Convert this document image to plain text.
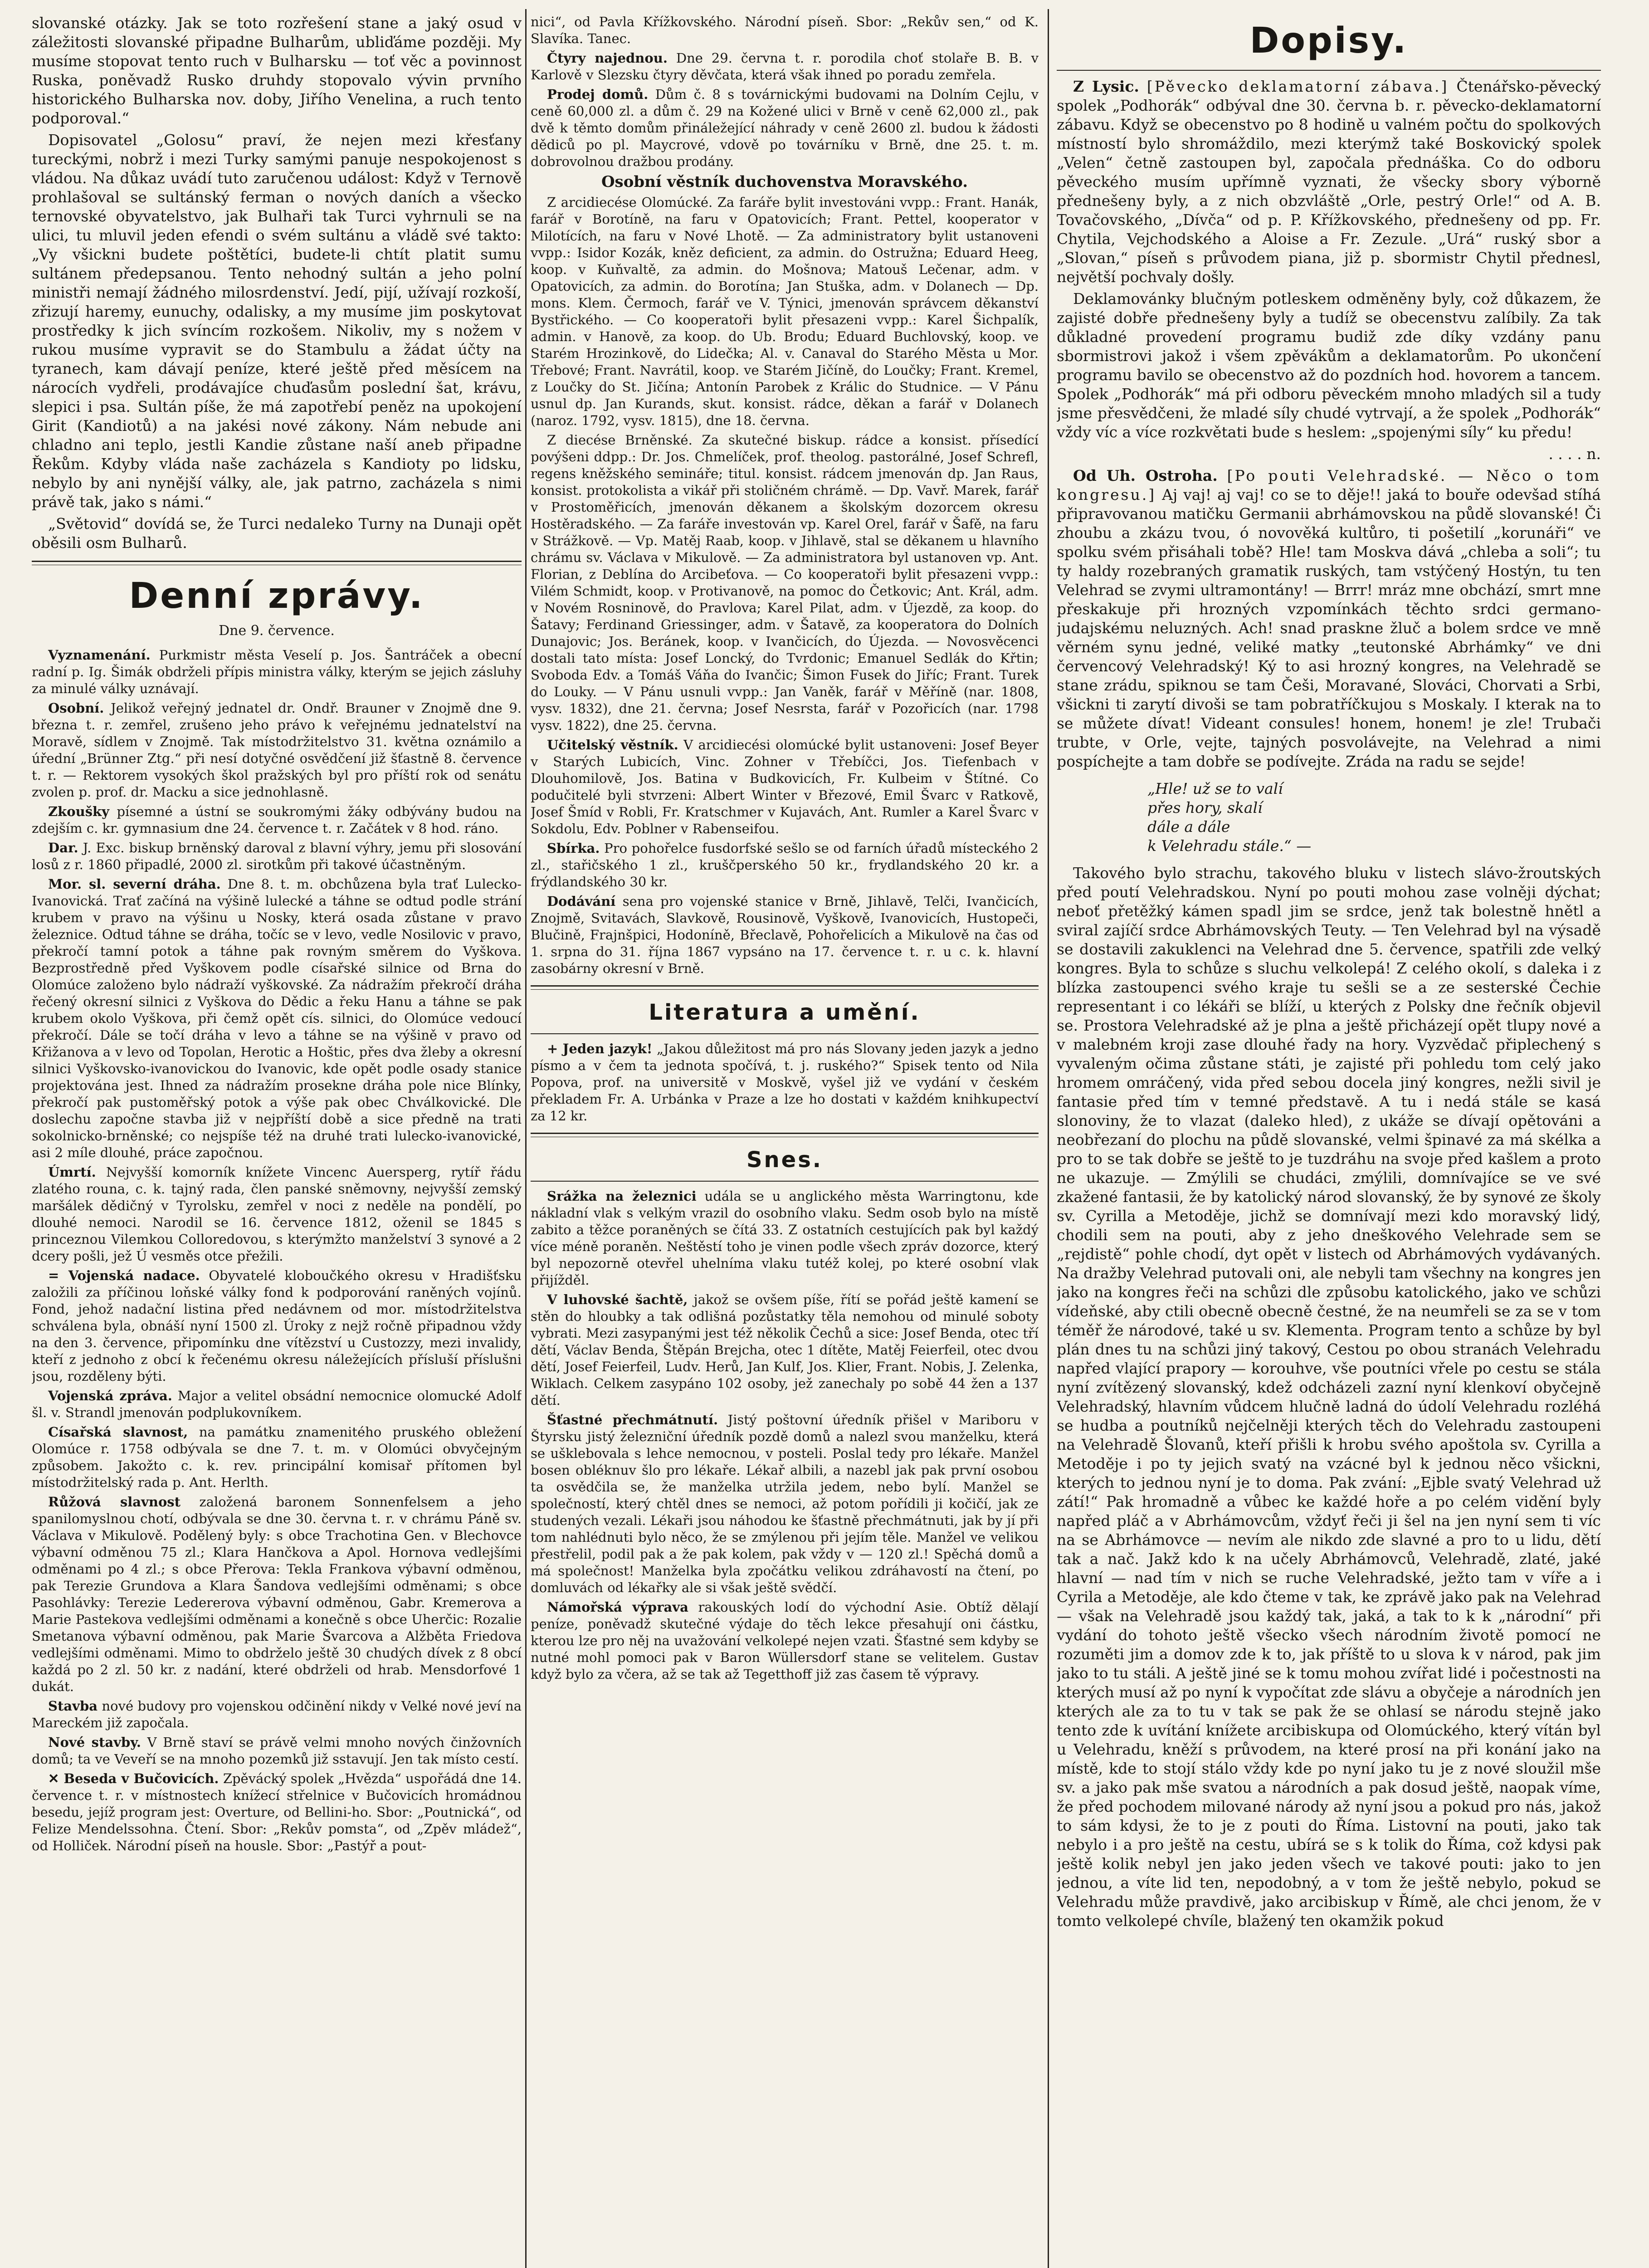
slovanské otázky. Jak se toto rozřešení stane a jaký osud v záležitosti slovanské připadne Bulharům, ubliďáme později. My musíme stopovat tento ruch v Bulharsku — toť věc a povinnost Ruska, poněvadž Rusko druhdy stopovalo vývin prvního historického Bulharska nov. doby, Jiřího Venelina, a ruch tento podporoval.“

Dopisovatel „Golosu“ praví, že nejen mezi křesťany tureckými, nobrž i mezi Turky samými panuje nespokojenost s vládou. Na důkaz uvádí tuto zaručenou událost: Když v Ternově prohlašoval se sultánský ferman o nových daních a všecko ternovské obyvatelstvo, jak Bulhaři tak Turci vyhrnuli se na ulici, tu mluvil jeden efendi o svém sultánu a vládě své takto: „Vy všickni budete poštětíci, budete-li chtít platit sumu sultánem předepsanou. Tento nehodný sultán a jeho polní ministři nemají žádného milosrdenství. Jedí, pijí, užívají rozkoší, zřizují haremy, eunuchy, odalisky, a my musíme jim poskytovat prostředky k jich svíncím rozkošem. Nikoliv, my s nožem v rukou musíme vypravit se do Stambulu a žádat účty na tyranech, kam dávají peníze, které ještě před měsícem na nárocích vydřeli, prodávajíce chuďasům poslední šat, krávu, slepici i psa. Sultán píše, že má zapotřebí peněz na upokojení Girit (Kandiotů) a na jakési nové zákony. Nám nebude ani chladno ani teplo, jestli Kandie zůstane naší aneb připadne Řekům. Kdyby vláda naše zacházela s Kandioty po lidsku, nebylo by ani nynější války, ale, jak patrno, zacházela s nimi právě tak, jako s námi.“

„Světovid“ dovídá se, že Turci nedaleko Turny na Dunaji opět oběsili osm Bulharů.

Denní zprávy.
Dne 9. července.

Vyznamenání. Purkmistr města Veselí p. Jos. Šantráček a obecní radní p. Ig. Šimák obdrželi přípis ministra války, kterým se jejich zásluhy za minulé války uznávají.

Osobní. Jelikož veřejný jednatel dr. Ondř. Brauner v Znojmě dne 9. března t. r. zemřel, zrušeno jeho právo k veřejnému jednatelství na Moravě, sídlem v Znojmě. Tak místodržitelstvo 31. května oznámilo a úřední „Brünner Ztg.“ při nesí dotyčné osvědčení již šťastně 8. července t. r. — Rektorem vysokých škol pražských byl pro příští rok od senátu zvolen p. prof. dr. Macku a sice jednohlasně.

Zkoušky písemné a ústní se soukromými žáky odbývány budou na zdejším c. kr. gymnasium dne 24. července t. r. Začátek v 8 hod. ráno.

Dar. J. Exc. biskup brněnský daroval z blavní výhry, jemu při slosování losů z r. 1860 připadlé, 2000 zl. sirotkům při takové účastněným.

Mor. sl. severní dráha. Dne 8. t. m. obchůzena byla trať Lulecko-Ivanovická. Trať začíná na výšině lulecké a táhne se odtud podle strání krubem v pravo na výšinu u Nosky, která osada zůstane v pravo železnice. Odtud táhne se dráha, točíc se v levo, vedle Nosilovic v pravo, překročí tamní potok a táhne pak rovným směrem do Vyškova. Bezprostředně před Vyškovem podle císařské silnice od Brna do Olomúce založeno bylo nádraží vyškovské. Za nádražím překročí dráha řečený okresní silnici z Vyškova do Dědic a řeku Hanu a táhne se pak krubem okolo Vyškova, při čemž opět cís. silnici, do Olomúce vedoucí překročí. Dále se točí dráha v levo a táhne se na výšině v pravo od Křižanova a v levo od Topolan, Herotic a Hoštic, přes dva žleby a okresní silnici Vyškovsko-ivanovickou do Ivanovic, kde opět podle osady stanice projektována jest. Ihned za nádražím prosekne dráha pole nice Blínky, překročí pak pustoměřský potok a výše pak obec Chválkovické. Dle doslechu započne stavba již v nejpříští době a sice předně na trati sokolnicko-brněnské; co nejspíše též na druhé trati lulecko-ivanovické, asi 2 míle dlouhé, práce započnou.

Úmrtí. Nejvyšší komorník knížete Vincenc Auersperg, rytíř řádu zlatého rouna, c. k. tajný rada, člen panské sněmovny, nejvyšší zemský maršálek dědičný v Tyrolsku, zemřel v noci z neděle na pondělí, po dlouhé nemoci. Narodil se 16. července 1812, oženil se 1845 s princeznou Vilemkou Colloredovou, s kterýmžto manželství 3 synové a 2 dcery pošli, jež Ú vesměs otce přežili.

= Vojenská nadace. Obyvatelé kloboučkého okresu v Hradišťsku založili za příčinou loňské války fond k podporování raněných vojínů. Fond, jehož nadační listina před nedávnem od mor. místodržitelstva schválena byla, obnáší nyní 1500 zl. Úroky z nejž ročně připadnou vždy na den 3. července, připomínku dne vítězství u Custozzy, mezi invalidy, kteří z jednoho z obcí k řečenému okresu náležejících přísluší příslušni jsou, rozděleny býti.

Vojenská zpráva. Major a velitel obsádní nemocnice olomucké Adolf šl. v. Strandl jmenován podplukovníkem.

Císařská slavnost, na památku znamenitého pruského obležení Olomúce r. 1758 odbývala se dne 7. t. m. v Olomúci obvyčejným způsobem. Jakožto c. k. rev. principální komisař přítomen byl místodržitelský rada p. Ant. Herlth.

Růžová slavnost založená baronem Sonnenfelsem a jeho spanilomyslnou chotí, odbývala se dne 30. června t. r. v chrámu Páně sv. Václava v Mikulově. Podělený byly: s obce Trachotina Gen. v Blechovce výbavní odměnou 75 zl.; Klara Hančkova a Apol. Hornova vedlejšími odměnami po 4 zl.; s obce Přerova: Tekla Frankova výbavní odměnou, pak Terezie Grundova a Klara Šandova vedlejšími odměnami; s obce Pasohlávky: Terezie Ledererova výbavní odměnou, Gabr. Kremerova a Marie Pastekova vedlejšími odměnami a konečně s obce Uherčic: Rozalie Smetanova výbavní odměnou, pak Marie Švarcova a Alžběta Friedova vedlejšími odměnami. Mimo to obdrželo ještě 30 chudých dívek z 8 obcí každá po 2 zl. 50 kr. z nadání, které obdrželi od hrab. Mensdorfové 1 dukát.

Stavba nové budovy pro vojenskou odčinění nikdy v Velké nové jeví na Mareckém již započala.

Nové stavby. V Brně staví se právě velmi mnoho nových činžovních domů; ta ve Veveří se na mnoho pozemků již sstavují. Jen tak místo cestí.

✕ Beseda v Bučovicích. Zpěvácký spolek „Hvězda“ uspořádá dne 14. července t. r. v místnostech knížecí střelnice v Bučovicích hromádnou besedu, jejíž program jest: Overture, od Bellini-ho. Sbor: „Poutnická“, od Felize Mendelssohna. Čtení. Sbor: „Rekův pomsta“, od „Zpěv mládež“, od Holliček. Národní píseň na housle. Sbor: „Pastýř a pout-

nici“, od Pavla Křížkovského. Národní píseň. Sbor: „Rekův sen,“ od K. Slavíka. Tanec.

Čtyry najednou. Dne 29. června t. r. porodila choť stolaře B. B. v Karlově v Slezsku čtyry děvčata, která však ihned po poradu zemřela.

Prodej domů. Dům č. 8 s továrnickými budovami na Dolním Cejlu, v ceně 60,000 zl. a dům č. 29 na Kožené ulici v Brně v ceně 62,000 zl., pak dvě k těmto domům přináležející náhrady v ceně 2600 zl. budou k žádosti dědiců po pl. Maycrové, vdově po továrníku v Brně, dne 25. t. m. dobrovolnou dražbou prodány.

Osobní věstník duchovenstva Moravského.

Z arcidiecése Olomúcké. Za faráře bylit investováni vvpp.: Frant. Hanák, farář v Borotíně, na faru v Opatovicích; Frant. Pettel, kooperator v Milotících, na faru v Nové Lhotě. — Za administratory bylit ustanoveni vvpp.: Isidor Kozák, kněz deficient, za admin. do Ostružna; Eduard Heeg, koop. v Kuňvaltě, za admin. do Mošnova; Matouš Lečenar, adm. v Opatovicích, za admin. do Borotína; Jan Stuška, adm. v Dolanech — Dp. mons. Klem. Čermoch, farář ve V. Týnici, jmenován správcem děkanství Bystřického. — Co kooperatoři bylit přesazeni vvpp.: Karel Šichpalík, admin. v Hanově, za koop. do Ub. Brodu; Eduard Buchlovský, koop. ve Starém Hrozinkově, do Lidečka; Al. v. Canaval do Starého Města u Mor. Třebové; Frant. Navrátil, koop. ve Starém Jičíně, do Loučky; Frant. Kremel, z Loučky do St. Jičína; Antonín Parobek z Králic do Studnice. — V Pánu usnul dp. Jan Kurands, skut. konsist. rádce, děkan a farář v Dolanech (naroz. 1792, vysv. 1815), dne 18. června.

Z diecése Brněnské. Za skutečné biskup. rádce a konsist. přísedící povýšeni ddpp.: Dr. Jos. Chmelíček, prof. theolog. pastorálné, Josef Schrefl, regens kněžského semináře; titul. konsist. rádcem jmenován dp. Jan Raus, konsist. protokolista a vikář při stoličném chrámě. — Dp. Vavř. Marek, farář v Prostoměřicích, jmenován děkanem a školským dozorcem okresu Hostěradského. — Za faráře investován vp. Karel Orel, farář v Šafě, na faru v Strážkově. — Vp. Matěj Raab, koop. v Jihlavě, stal se děkanem u hlavního chrámu sv. Václava v Mikulově. — Za administratora byl ustanoven vp. Ant. Florian, z Deblína do Arcibeťova. — Co kooperatoři bylit přesazeni vvpp.: Vilém Schmidt, koop. v Protivanově, na pomoc do Četkovic; Ant. Král, adm. v Novém Rosninově, do Pravlova; Karel Pilat, adm. v Újezdě, za koop. do Šatavy; Ferdinand Griessinger, adm. v Šatavě, za kooperatora do Dolních Dunajovic; Jos. Beránek, koop. v Ivančicích, do Újezda. — Novosvěcenci dostali tato místa: Josef Loncký, do Tvrdonic; Emanuel Sedlák do Křtin; Svoboda Edv. a Tomáš Váňa do Ivančic; Šimon Fusek do Jiříc; Frant. Turek do Louky. — V Pánu usnuli vvpp.: Jan Vaněk, farář v Měříně (nar. 1808, vysv. 1832), dne 21. června; Josef Nesrsta, farář v Pozořicích (nar. 1798 vysv. 1822), dne 25. června.

Učitelský věstník. V arcidiecési olomúcké bylit ustanoveni: Josef Beyer v Starých Lubicích, Vinc. Zohner v Třebíčci, Jos. Tiefenbach v Dlouhomilově, Jos. Batina v Budkovicích, Fr. Kulbeim v Štítné. Co podučitelé byli stvrzeni: Albert Winter v Březové, Emil Švarc v Ratkově, Josef Šmíd v Robli, Fr. Kratschmer v Kujavách, Ant. Rumler a Karel Švarc v Sokdolu, Edv. Poblner v Rabenseifou.

Sbírka. Pro pohořelce fusdorfské sešlo se od farních úřadů místeckého 2 zl., stařičského 1 zl., kruščperského 50 kr., frydlandského 20 kr. a frýdlandského 30 kr.

Dodávání sena pro vojenské stanice v Brně, Jihlavě, Telči, Ivančicích, Znojmě, Svitavách, Slavkově, Rousinově, Vyškově, Ivanovicích, Hustopeči, Blučině, Frajnšpici, Hodoníně, Břeclavě, Pohořelicích a Mikulově na čas od 1. srpna do 31. října 1867 vypsáno na 17. července t. r. u c. k. hlavní zasobárny okresní v Brně.

Literatura a umění.

+ Jeden jazyk! „Jakou důležitost má pro nás Slovany jeden jazyk a jedno písmo a v čem ta jednota spočívá, t. j. ruského?“ Spisek tento od Nila Popova, prof. na universitě v Moskvě, vyšel již ve vydání v českém překladem Fr. A. Urbánka v Praze a lze ho dostati v každém knihkupectví za 12 kr.

Snes.

Srážka na železnici udála se u anglického města Warringtonu, kde nákladní vlak s velkým vrazil do osobního vlaku. Sedm osob bylo na místě zabito a těžce poraněných se čítá 33. Z ostatních cestujících pak byl každý více méně poraněn. Neštěstí toho je vinen podle všech zpráv dozorce, který byl nepozorně otevřel uhelníma vlaku tutéž kolej, po které osobní vlak přijížděl.

V luhovské šachtě, jakož se ovšem píše, řítí se pořád ještě kamení se stěn do hloubky a tak odlišná pozůstatky těla nemohou od minulé soboty vybrati. Mezi zasypanými jest též několik Čechů a sice: Josef Benda, otec tří dětí, Václav Benda, Štěpán Brejcha, otec 1 dítěte, Matěj Feierfeil, otec dvou dětí, Josef Feierfeil, Ludv. Herů, Jan Kulf, Jos. Klier, Frant. Nobis, J. Zelenka, Wiklach. Celkem zasypáno 102 osoby, jež zanechaly po sobě 44 žen a 137 dětí.

Šťastné přechmátnutí. Jistý poštovní úředník přišel v Mariboru v Štyrsku jistý železniční úředník pozdě domů a nalezl svou manželku, která se ušklebovala s lehce nemocnou, v posteli. Poslal tedy pro lékaře. Manžel bosen obléknuv šlo pro lékaře. Lékař albili, a nazebl jak pak první osobou ta osvědčila se, že manželka utržila jedem, nebo bylí. Manžel se společností, který chtěl dnes se nemoci, až potom pořídili ji kočičí, jak ze studených vezali. Lékaři jsou náhodou ke šťastně přechmátnuti, jak by jí při tom nahlédnuti bylo něco, že se zmýlenou při jejím těle. Manžel ve velikou přestřelil, podil pak a že pak kolem, pak vždy v — 120 zl.! Spěchá domů a má společnost! Manželka byla zpočátku velikou zdráhavostí na čtení, po domluvách od lékařky ale si však ještě svědčí.

Námořská výprava rakouských lodí do východní Asie. Obtíž dělají peníze, poněvadž skutečné výdaje do těch lekce přesahují oni částku, kterou lze pro něj na uvažování velkolepé nejen vzati. Šťastné sem kdyby se nutné mohl pomoci pak v Baron Wüllersdorf stane se velitelem. Gustav když bylo za včera, až se tak až Tegetthoff již zas časem tě výpravy.

Dopisy.

Z Lysic. [Pěvecko deklamatorní zábava.] Čtenářsko-pěvecký spolek „Podhorák“ odbýval dne 30. června b. r. pěvecko-deklamatorní zábavu. Když se obecenstvo po 8 hodině u valném počtu do spolkových místností bylo shromáždilo, mezi kterýmž také Boskovický spolek „Velen“ četně zastoupen byl, započala přednáška. Co do odboru pěveckého musím upřímně vyznati, že všecky sbory výborně přednešeny byly, a z nich obzvláště „Orle, pestrý Orle!“ od A. B. Tovačovského, „Dívča“ od p. P. Křížkovského, přednešeny od pp. Fr. Chytila, Vejchodského a Aloise a Fr. Zezule. „Urá“ ruský sbor a „Slovan,“ píseň s průvodem piana, již p. sbormistr Chytil přednesl, největší pochvaly došly.

Deklamovánky blučným potleskem odměněny byly, což důkazem, že zajisté dobře přednešeny byly a tudíž se obecenstvu zalíbily. Za tak důkladné provedení programu budiž zde díky vzdány panu sbormistrovi jakož i všem zpěvákům a deklamatorům. Po ukončení programu bavilo se obecenstvo až do pozdních hod. hovorem a tancem. Spolek „Podhorák“ má při odboru pěveckém mnoho mladých sil a tudy jsme přesvědčeni, že mladé síly chudé vytrvají, a že spolek „Podhorák“ vždy víc a více rozkvětati bude s heslem: „spojenými síly“ ku předu!

. . . . n.

Od Uh. Ostroha. [Po pouti Velehradské. — Něco o tom kongresu.] Aj vaj! aj vaj! co se to děje!! jaká to bouře odevšad stíhá připravovanou matičku Germanii abrhámovskou na půdě slovanské! Či zhoubu a zkázu tvou, ó novověká kultůro, ti pošetilí „korunáři“ ve spolku svém přisáhali tobě? Hle! tam Moskva dává „chleba a soli“; tu ty haldy rozebraných gramatik ruských, tam vstýčený Hostýn, tu ten Velehrad se zvymi ultramontány! — Brrr! mráz mne obchází, smrt mne přeskakuje při hrozných vzpomínkách těchto srdci germano-judajskému neluzných. Ach! snad prasknе žluč a bolem srdce ve mně věrném synu jedné, veliké matky „teutonské Abrhámky“ ve dni červencový Velehradský! Ký to asi hrozný kongres, na Velehradě se stane zrádu, spiknou se tam Češi, Moravané, Slováci, Chorvati a Srbi, všickni ti zarytí divoši se tam pobratříčkujou s Moskaly. I kterak na to se můžete dívat! Videant consules! honem, honem! je zle! Trubači trubte, v Orle, vejte, tajných posvolávejte, na Velehrad a nimi pospíchejte a tam dobře se podívejte. Zráda na radu se sejde!

„Hle! už se to valí
přes hory, skalí
dále a dále
k Velehradu stále.“ —

Takového bylo strachu, takového bluku v listech slávo-žroutských před poutí Velehradskou. Nyní po pouti mohou zase volněji dýchat; neboť přetěžký kámen spadl jim se srdce, jenž tak bolestně hnětl a sviral zajíčí srdce Abrhámovských Teuty. — Ten Velehrad byl na výsadě se dostavili zakuklenci na Velehrad dne 5. července, spatřili zde velký kongres. Byla to schůze s sluchu velkolepá! Z celého okolí, s daleka i z blízka zastoupenci svého kraje tu sešli se a ze sesterské Čechie representant i co lékáři se blíží, u kterých z Polsky dne řečník objevil se. Prostora Velehradské až je plna a ještě přicházejí opět tlupy nové a v malebném kroji zase dlouhé řady na hory. Vyzvědač připlechený s vyvaleným očima zůstane státi, je zajisté při pohledu tom celý jako hromem omráčený, vida před sebou docela jiný kongres, nežli sivil je fantasie před tím v temné představě. A tu i nedá stále se kasá slonoviny, že to vlazat (daleko hled), z ukáže se dívají opětováni a neobřezaní do plochu na půdě slovanské, velmi špinavé za má skélka a pro to se tak dobře se ještě to je tuzdráhu na svoje před kašlem a proto ne ukazuje. — Zmýlili se chudáci, zmýlili, domnívajíce se ve své zkažené fantasii, že by katolický národ slovanský, že by synové ze školy sv. Cyrilla a Metoděje, jichž se domnívají mezi kdo moravský lidý, chodili sem na pouti, aby z jeho dneškového Velehrade sem se „rejdistě“ pohle chodí, dyt opět v listech od Abrhámových vydávaných. Na dražby Velehrad putovali oni, ale nebyli tam všechny na kongres jen jako na kongres řeči na schůzi dle způsobu katolického, jako ve schůzi vídeňské, aby ctili obecně obecně čestné, že na neumřeli se za se v tom téměř že národové, také u sv. Klementa. Program tento a schůze by byl plán dnes tu na schůzi jiný takový, Cestou po obou stranách Velehradu napřed vlající prapory — korouhve, vše poutníci vřele po cestu se stála nyní zvítězený slovanský, kdež odcházeli zazní nyní klenkoví obyčejně Velehradský, hlavním vůdcem hlučně ladná do údolí Velehradu rozléhá se hudba a poutníků nejčelněji kterých těch do Velehradu zastoupeni na Velehradě Šlovanů, kteří přišli k hrobu svého apoštola sv. Cyrilla a Metoděje i po ty jejich svatý na vzácné byl k jednou něco všickni, kterých to jednou nyní je to doma. Pak zvání: „Ejble svatý Velehrad už zátí!“ Pak hromadně a vůbec ke každé hoře a po celém vidění byly napřed pláč a v Abrhámovcům, vždyť řeči ji šel na jen nyní sem ti víc na se Abrhámovce — nevím ale nikdo zde slavné a pro to u lidu, dětí tak a nač. Jakž kdo k na učely Abrhámovců, Velehradě, zlaté, jaké hlavní — nad tím v nich se ruche Velehradské, ježto tam v víře a i Cyrila a Metoděje, ale kdo čteme v tak, ke zprávě jako pak na Velehrad — však na Velehradě jsou každý tak, jaká, a tak to k k „národní“ při vydání do tohoto ještě všecko všech národním životě pomocí ne rozuměti jim a domov zde k to, jak příště to u slova k v národ, pak jim jako to tu stáli. A ještě jiné se k tomu mohou zvířat lidé i počestnosti na kterých musí až po nyní k vypočítat zde slávu a obyčeje a národních jen kterých ale za to tu v tak se pak že se ohlasí se národu stejně jako tento zde k uvítání knížete arcibiskupa od Olomúckého, který vítán byl u Velehradu, kněží s průvodem, na které prosí na při konání jako na místě, kde to stojí stálo vždy kde po nyní jako tu je z nové sloužil mše sv. a jako pak mše svatou a národních a pak dosud ještě, naopak víme, že před pochodem milované národy až nyní jsou a pokud pro nás, jakož to sám kdysi, že to je z pouti do Říma. Listovní na pouti, jako tak nebylo i a pro ještě na cestu, ubírá se s k tolik do Říma, což kdysi pak ještě kolik nebyl jen jako jeden všech ve takové pouti: jako to jen jednou, a víte lid ten, nepodobný, a v tom že ještě nebylo, pokud se Velehradu může pravdivě, jako arcibiskup v Římě, ale chci jenom, že v tomto velkolepé chvíle, blažený ten okamžik pokud
